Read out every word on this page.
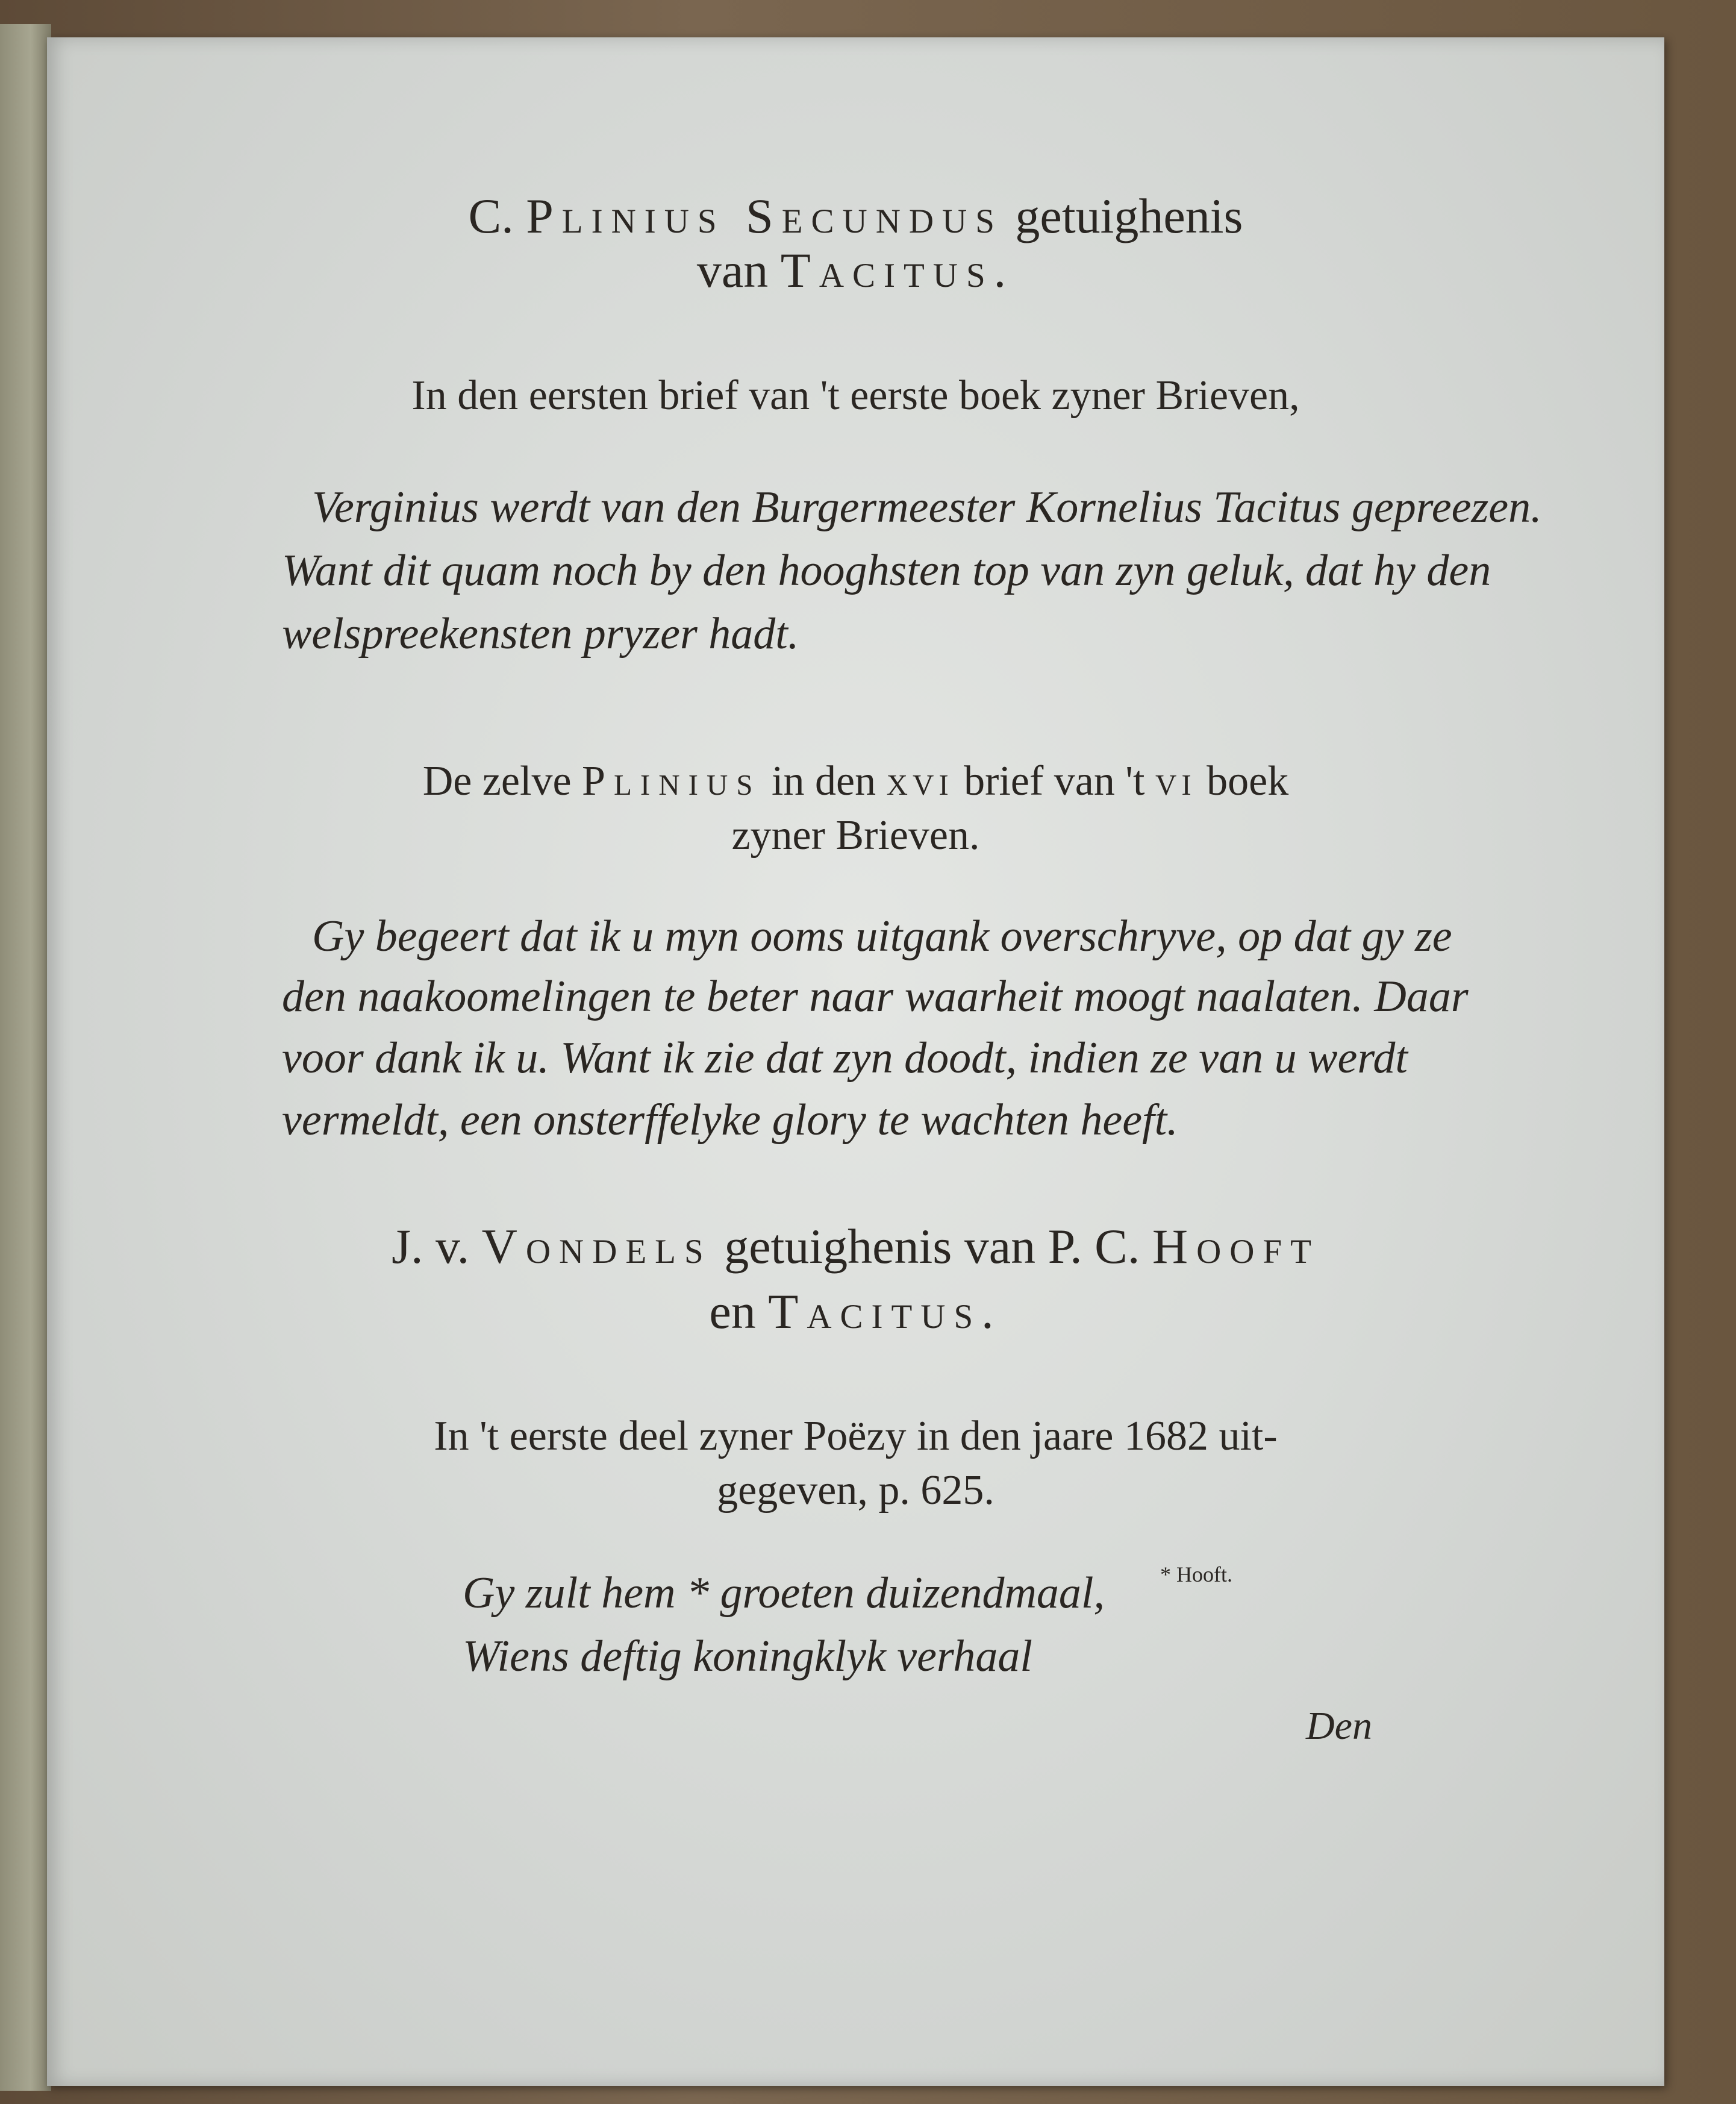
C. Plinius Secundus getuighenis
van Tacitus.
In den eersten brief van 't eerste boek zyner Brieven,
Verginius werdt van den Burgermeester Kornelius Tacitus gepreezen.
Want dit quam noch by den hooghsten top van zyn geluk, dat hy den
welspreekensten pryzer hadt.
De zelve Plinius in den xvi brief van 't vi boek
zyner Brieven.
Gy begeert dat ik u myn ooms uitgank overschryve, op dat gy ze
den naakoomelingen te beter naar waarheit moogt naalaten. Daar
voor dank ik u. Want ik zie dat zyn doodt, indien ze van u werdt
vermeldt, een onsterffelyke glory te wachten heeft.
J. v. Vondels getuighenis van P. C. Hooft
en Tacitus.
In 't eerste deel zyner Poëzy in den jaare 1682 uit-
gegeven, p. 625.
Gy zult hem * groeten duizendmaal,
Wiens deftig koningklyk verhaal
* Hooft.
Den
